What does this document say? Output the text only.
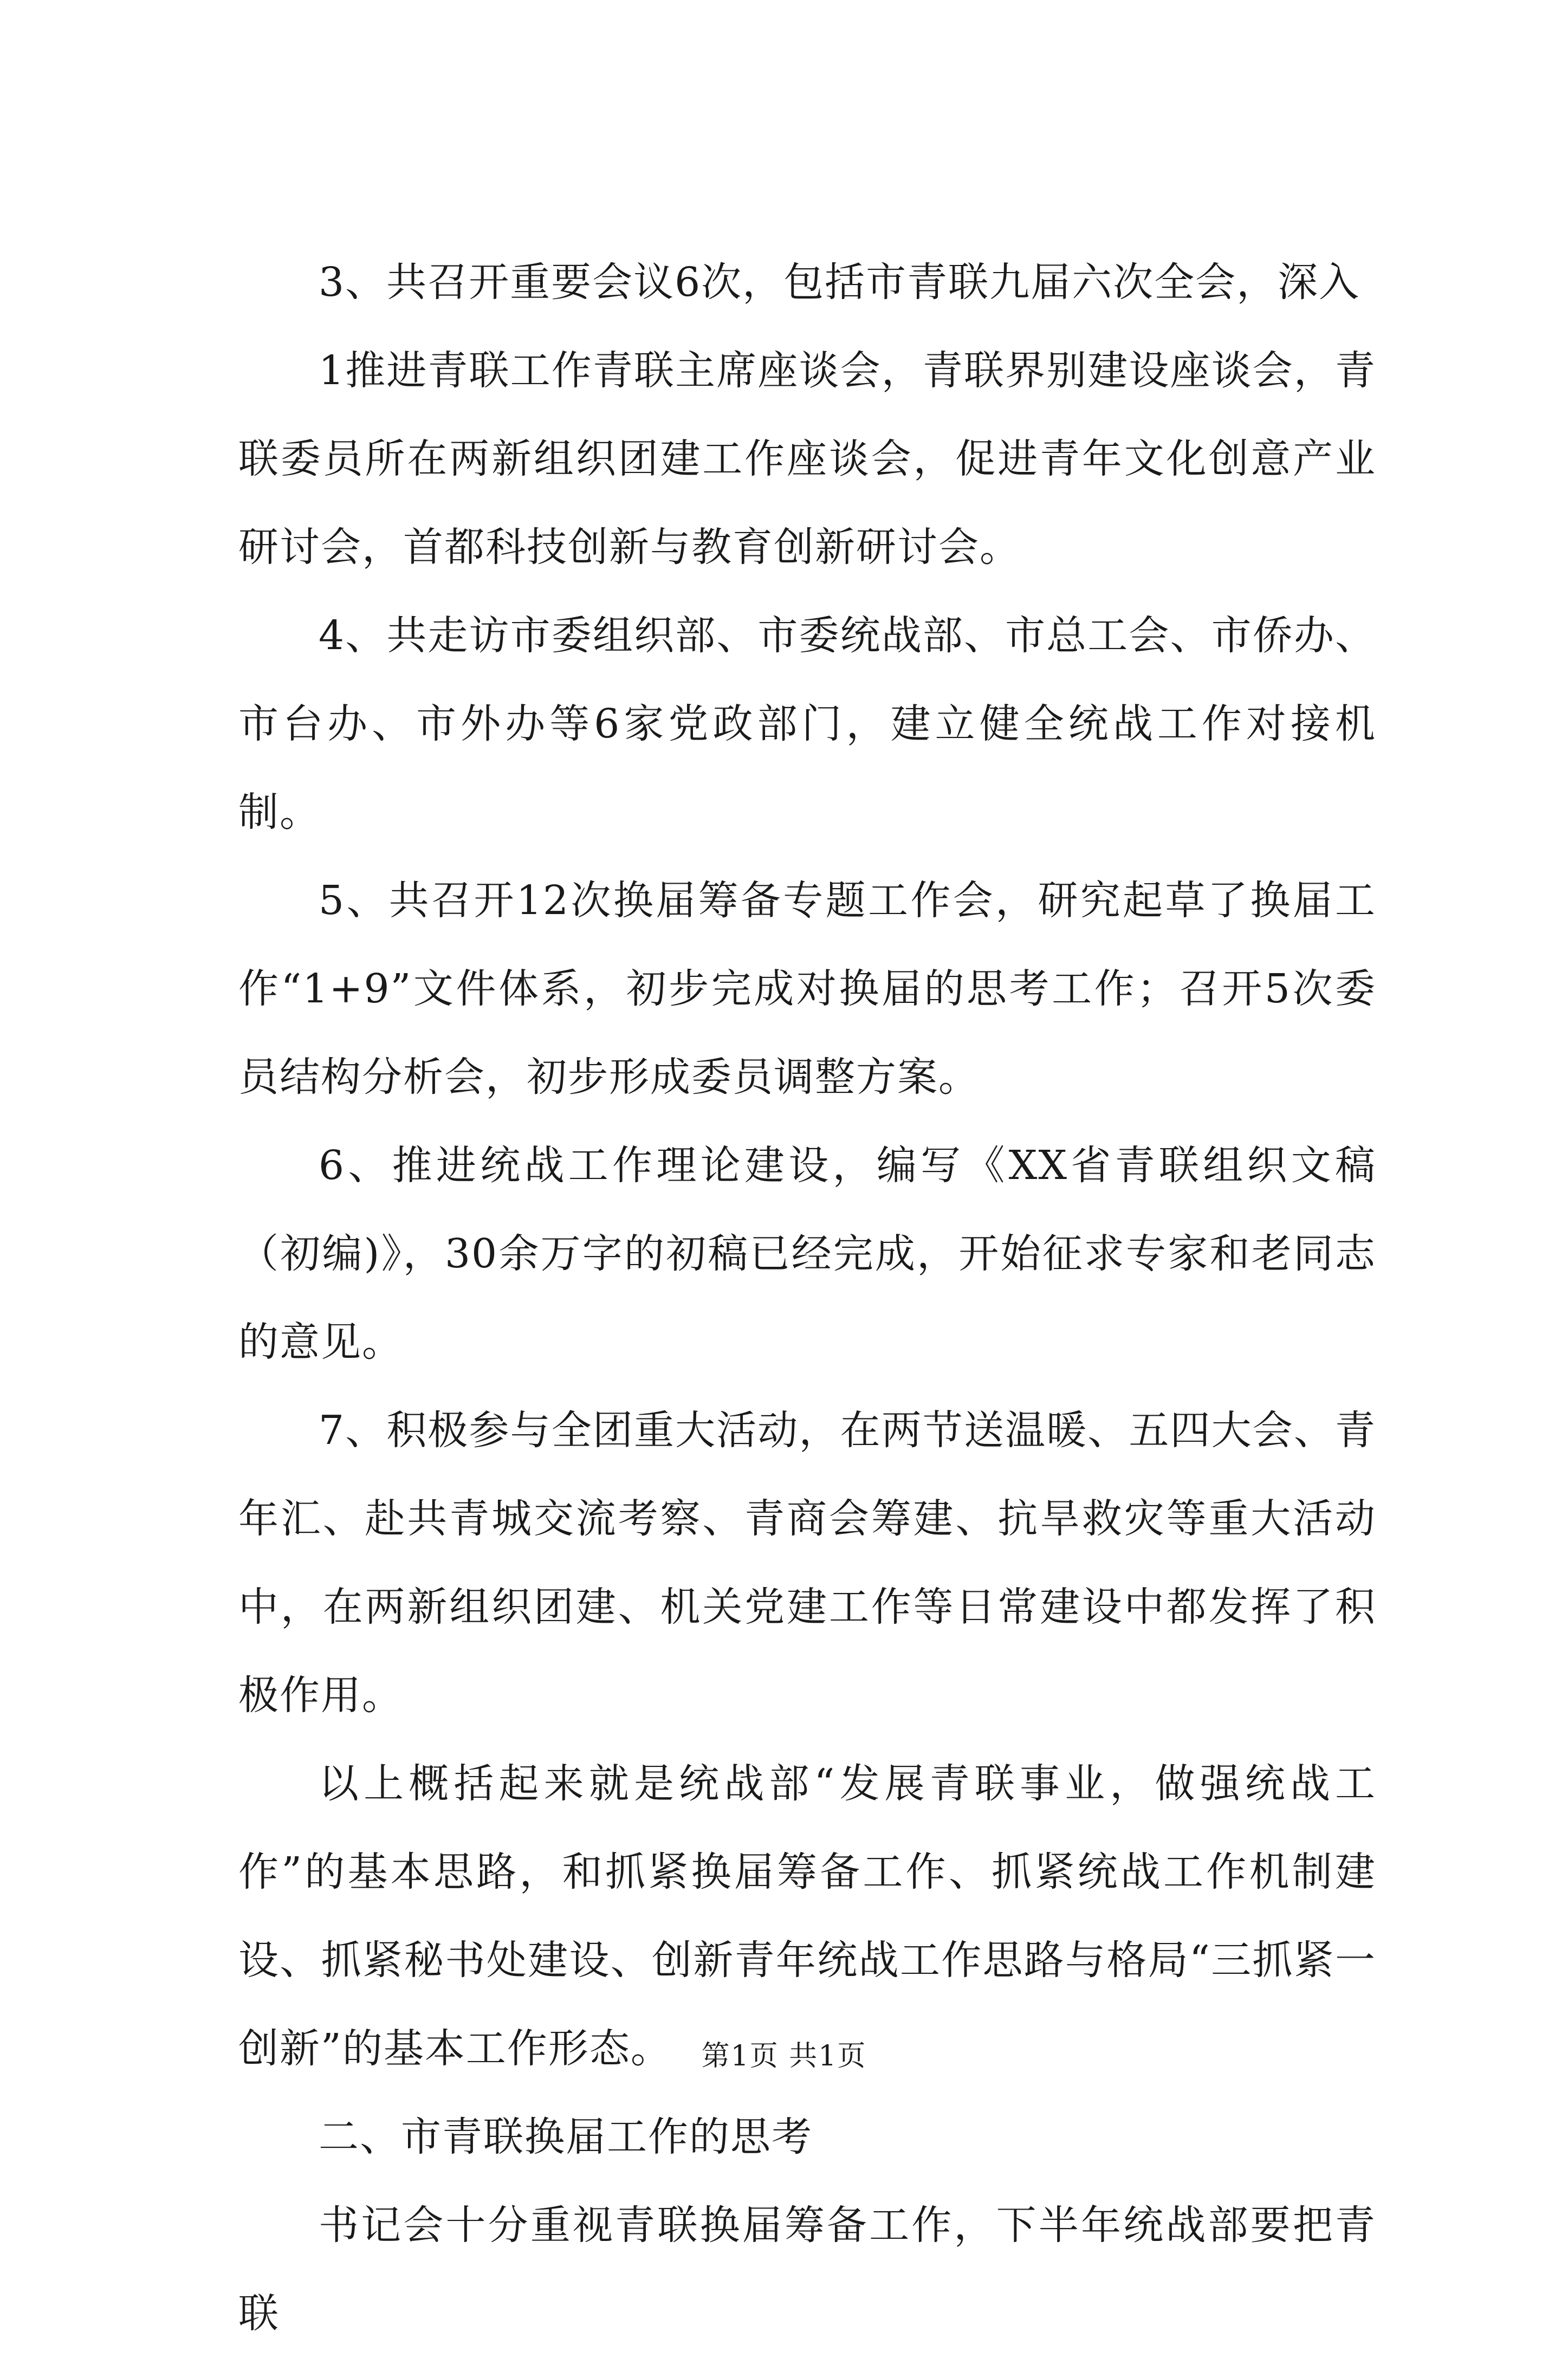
3、共召开重要会议6次，包括市青联九届六次全会，深入

1推进青联工作青联主席座谈会，青联界别建设座谈会，青联委员所在两新组织团建工作座谈会，促进青年文化创意产业研讨会，首都科技创新与教育创新研讨会。

4、共走访市委组织部、市委统战部、市总工会、市侨办、市台办、市外办等6家党政部门，建立健全统战工作对接机制。

5、共召开12次换届筹备专题工作会，研究起草了换届工作“1+9”文件体系，初步完成对换届的思考工作；召开5次委员结构分析会，初步形成委员调整方案。

6、推进统战工作理论建设，编写《XX省青联组织文稿（初编)》，30余万字的初稿已经完成，开始征求专家和老同志的意见。

7、积极参与全团重大活动，在两节送温暖、五四大会、青年汇、赴共青城交流考察、青商会筹建、抗旱救灾等重大活动中，在两新组织团建、机关党建工作等日常建设中都发挥了积极作用。

以上概括起来就是统战部“发展青联事业，做强统战工作”的基本思路，和抓紧换届筹备工作、抓紧统战工作机制建设、抓紧秘书处建设、创新青年统战工作思路与格局“三抓紧一创新”的基本工作形态。

二、市青联换届工作的思考

书记会十分重视青联换届筹备工作，下半年统战部要把青联

第1页 共1页
